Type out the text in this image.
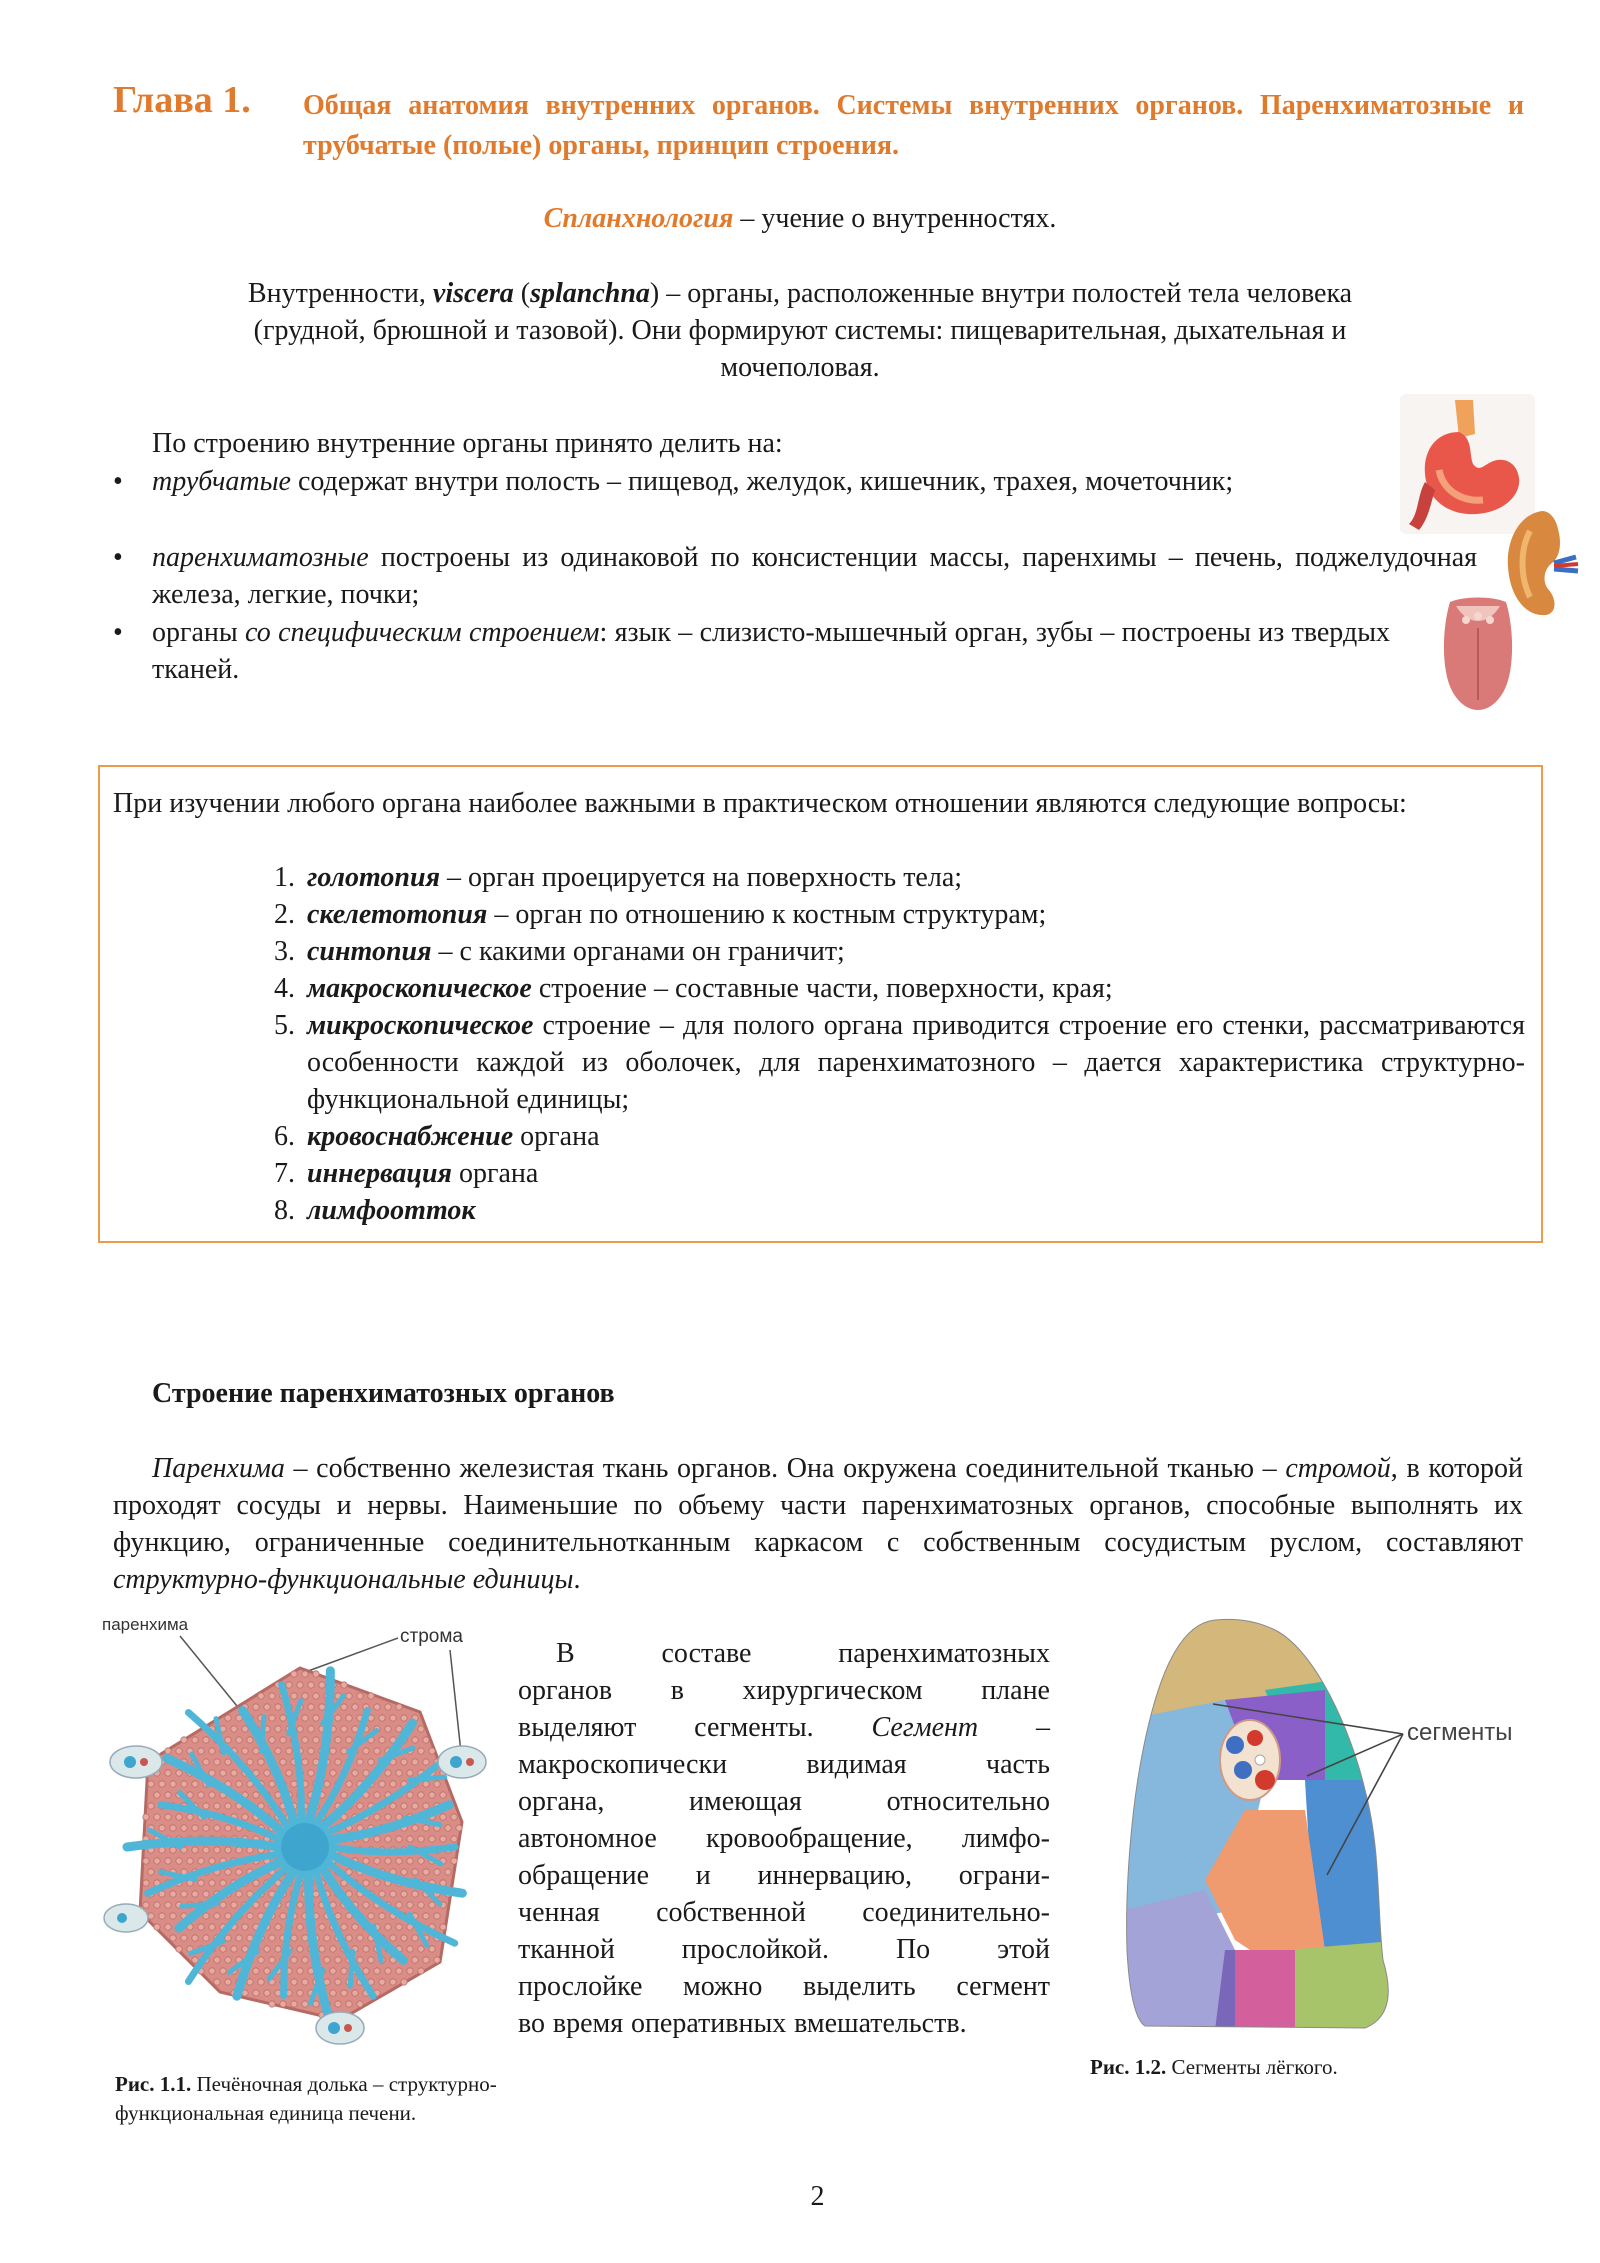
Глава 1. Общая анатомия внутренних органов. Системы внутренних органов. Паренхиматозные и трубчатые (полые) органы, принцип строения.
Спланхнология – учение о внутренностях.
Внутренности, viscera (splanchna) – органы, расположенные внутри полостей тела человека
(грудной, брюшной и тазовой). Они формируют системы: пищеварительная, дыхательная и
мочеполовая.
По строению внутренние органы принято делить на:
• трубчатые содержат внутри полость – пищевод, желудок, кишечник, трахея, мочеточник;
• паренхиматозные построены из одинаковой по консистенции массы, паренхимы – печень, поджелудочная железа, легкие, почки;
• органы со специфическим строением: язык – слизисто-мышечный орган, зубы – построены из твердых тканей.
При изучении любого органа наиболее важными в практическом отношении являются следующие вопросы:
1. голотопия – орган проецируется на поверхность тела;
2. скелетотопия – орган по отношению к костным структурам;
3. синтопия – с какими органами он граничит;
4. макроскопическое строение – составные части, поверхности, края;
5. микроскопическое строение – для полого органа приводится строение его стенки, рассматриваются особенности каждой из оболочек, для паренхиматозного – дается характеристика структурно-функциональной единицы;
6. кровоснабжение органа
7. иннервация органа
8. лимфоотток
Строение паренхиматозных органов
Паренхима – собственно железистая ткань органов. Она окружена соединительной тканью – стромой, в которой проходят сосуды и нервы. Наименьшие по объему части паренхиматозных органов, способные выполнять их функцию, ограниченные соединительнотканным каркасом с собственным сосудистым руслом, составляют структурно-функциональные единицы.
В	составе	паренхиматозных
органов в хирургическом плане
выделяют сегменты. Сегмент –
макроскопически	видимая	часть
органа,	имеющая	относительно
автономное кровообращение, лимфо-
обращение и иннервацию, ограни-
ченная собственной соединительно-
тканной прослойкой. По этой
прослойке можно выделить сегмент
во время оперативных вмешательств.
паренхима
строма
Рис. 1.1. Печёночная долька – структурно-
функциональная единица печени.
сегменты
Рис. 1.2. Сегменты лёгкого.
2
